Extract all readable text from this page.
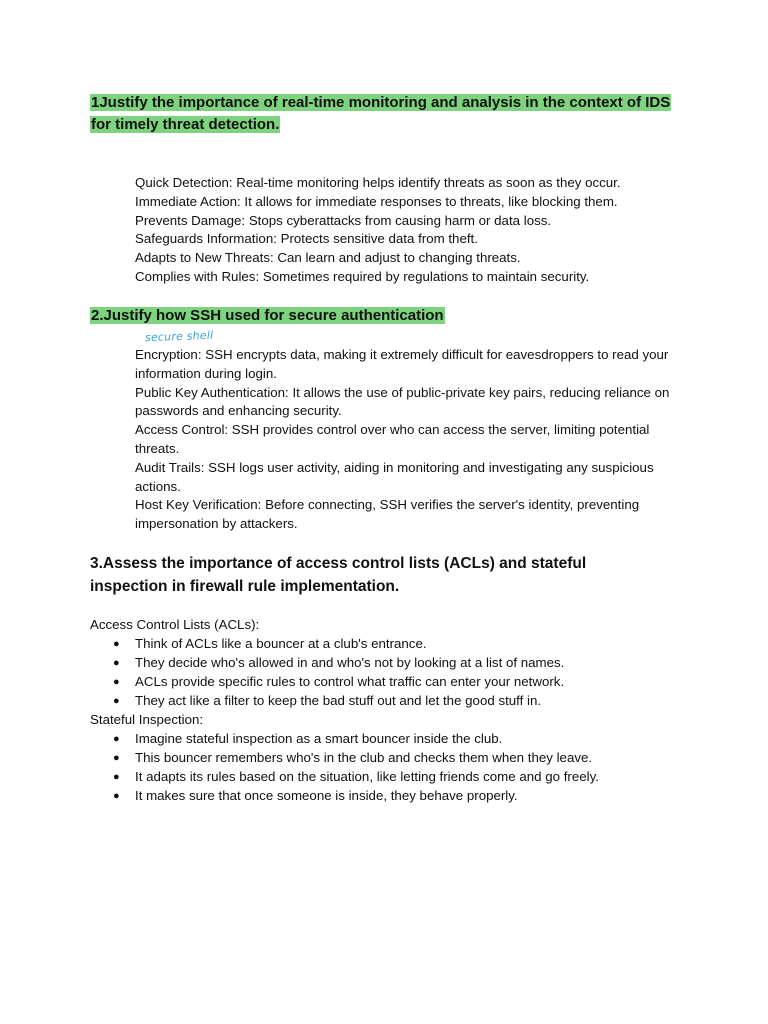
1Justify the importance of real-time monitoring and analysis in the context of IDS for timely threat detection.

Quick Detection: Real-time monitoring helps identify threats as soon as they occur.
Immediate Action: It allows for immediate responses to threats, like blocking them.
Prevents Damage: Stops cyberattacks from causing harm or data loss.
Safeguards Information: Protects sensitive data from theft.
Adapts to New Threats: Can learn and adjust to changing threats.
Complies with Rules: Sometimes required by regulations to maintain security.

2.Justify how SSH used for secure authentication

secure shell
Encryption: SSH encrypts data, making it extremely difficult for eavesdroppers to read your information during login.
Public Key Authentication: It allows the use of public-private key pairs, reducing reliance on passwords and enhancing security.
Access Control: SSH provides control over who can access the server, limiting potential threats.
Audit Trails: SSH logs user activity, aiding in monitoring and investigating any suspicious actions.
Host Key Verification: Before connecting, SSH verifies the server's identity, preventing impersonation by attackers.

3.Assess the importance of access control lists (ACLs) and stateful inspection in firewall rule implementation.

Access Control Lists (ACLs):

● Think of ACLs like a bouncer at a club's entrance.
● They decide who's allowed in and who's not by looking at a list of names.
● ACLs provide specific rules to control what traffic can enter your network.
● They act like a filter to keep the bad stuff out and let the good stuff in.

Stateful Inspection:

● Imagine stateful inspection as a smart bouncer inside the club.
● This bouncer remembers who's in the club and checks them when they leave.
● It adapts its rules based on the situation, like letting friends come and go freely.
● It makes sure that once someone is inside, they behave properly.
